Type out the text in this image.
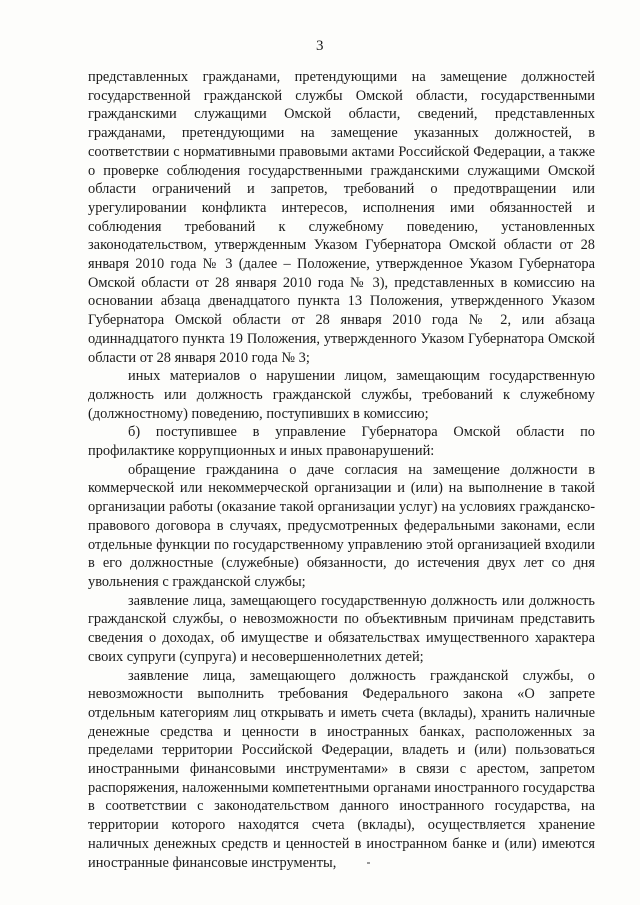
3

представленных гражданами, претендующими на замещение должностей государственной гражданской службы Омской области, государственными гражданскими служащими Омской области, сведений, представленных гражданами, претендующими на замещение указанных должностей, в соответствии с нормативными правовыми актами Российской Федерации, а также о проверке соблюдения государственными гражданскими служащими Омской области ограничений и запретов, требований о предотвращении или урегулировании конфликта интересов, исполнения ими обязанностей и соблюдения требований к служебному поведению, установленных законодательством, утвержденным Указом Губернатора Омской области от 28 января 2010 года № 3 (далее – Положение, утвержденное Указом Губернатора Омской области от 28 января 2010 года № 3), представленных в комиссию на основании абзаца двенадцатого пункта 13 Положения, утвержденного Указом Губернатора Омской области от 28 января 2010 года № 2, или абзаца одиннадцатого пункта 19 Положения, утвержденного Указом Губернатора Омской области от 28 января 2010 года № 3;

иных материалов о нарушении лицом, замещающим государственную должность или должность гражданской службы, требований к служебному (должностному) поведению, поступивших в комиссию;

б) поступившее в управление Губернатора Омской области по профилактике коррупционных и иных правонарушений:

обращение гражданина о даче согласия на замещение должности в коммерческой или некоммерческой организации и (или) на выполнение в такой организации работы (оказание такой организации услуг) на условиях гражданско-правового договора в случаях, предусмотренных федеральными законами, если отдельные функции по государственному управлению этой организацией входили в его должностные (служебные) обязанности, до истечения двух лет со дня увольнения с гражданской службы;

заявление лица, замещающего государственную должность или должность гражданской службы, о невозможности по объективным причинам представить сведения о доходах, об имуществе и обязательствах имущественного характера своих супруги (супруга) и несовершеннолетних детей;

заявление лица, замещающего должность гражданской службы, о невозможности выполнить требования Федерального закона «О запрете отдельным категориям лиц открывать и иметь счета (вклады), хранить наличные денежные средства и ценности в иностранных банках, расположенных за пределами территории Российской Федерации, владеть и (или) пользоваться иностранными финансовыми инструментами» в связи с арестом, запретом распоряжения, наложенными компетентными органами иностранного государства в соответствии с законодательством данного иностранного государства, на территории которого находятся счета (вклады), осуществляется хранение наличных денежных средств и ценностей в иностранном банке и (или) имеются иностранные финансовые инструменты,
